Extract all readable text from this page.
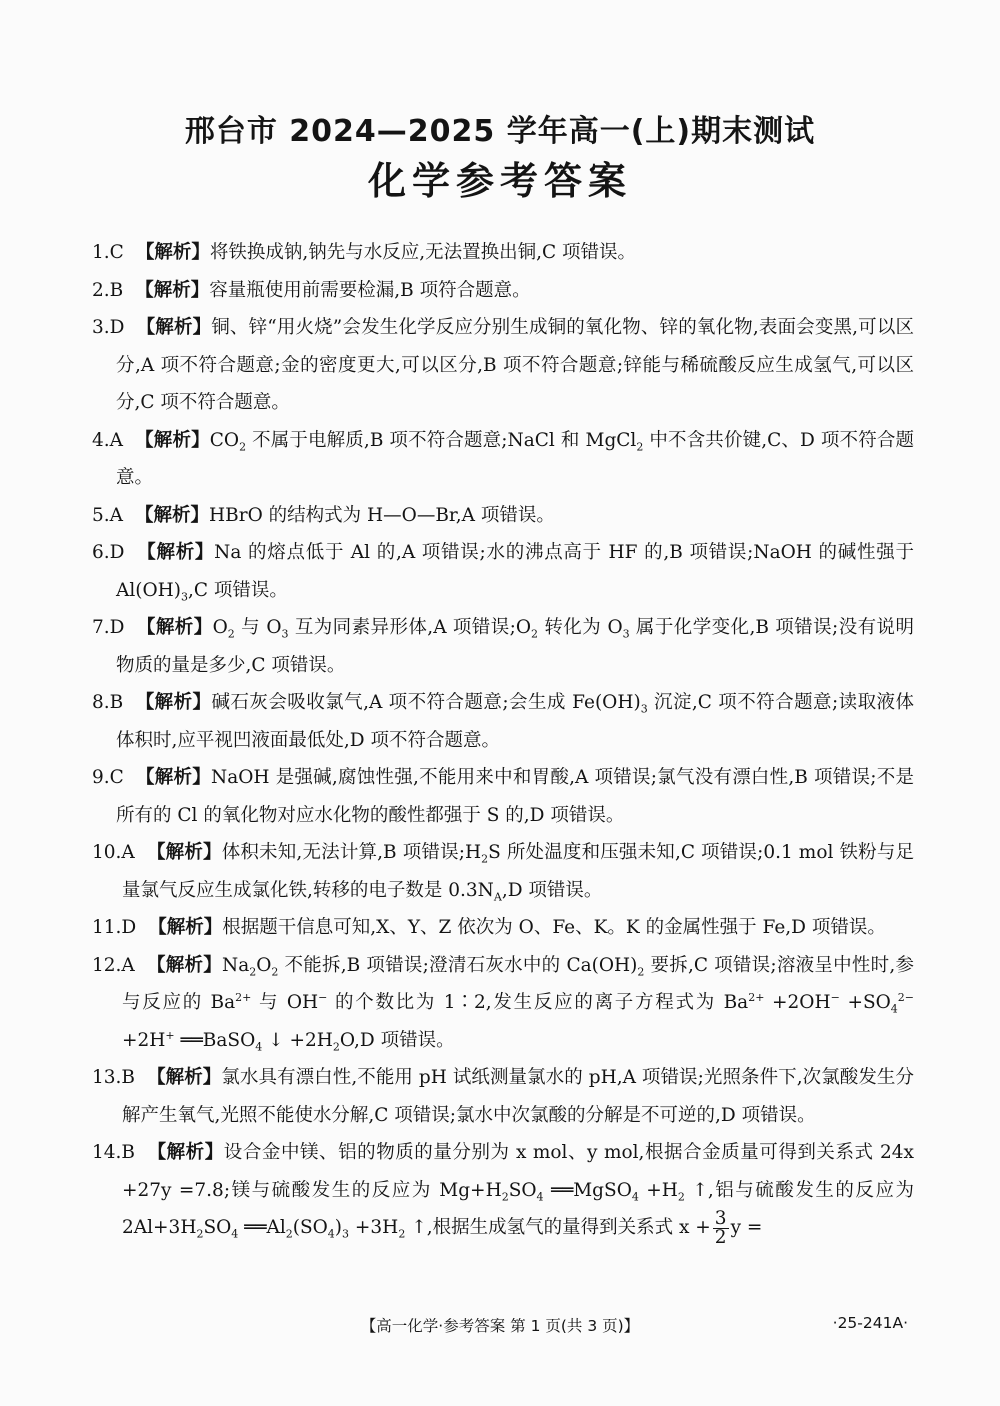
邢台市 2024—2025 学年高一(上)期末测试
化学参考答案
1.C 【解析】将铁换成钠,钠先与水反应,无法置换出铜,C 项错误。
2.B 【解析】容量瓶使用前需要检漏,B 项符合题意。
3.D 【解析】铜、锌“用火烧”会发生化学反应分别生成铜的氧化物、锌的氧化物,表面会变黑,可以区分,A 项不符合题意;金的密度更大,可以区分,B 项不符合题意;锌能与稀硫酸反应生成氢气,可以区分,C 项不符合题意。
4.A 【解析】$CO_2$ 不属于电解质,B 项不符合题意;NaCl 和 MgCl$_2$ 中不含共价键,C、D 项不符合题意。
5.A 【解析】HBrO 的结构式为 H—O—Br,A 项错误。
6.D 【解析】Na 的熔点低于 Al 的,A 项错误;水的沸点高于 HF 的,B 项错误;NaOH 的碱性强于 $Al(OH)_3,C$ 项错误。
7.D 【解析】$O_2$ 与 $O_3$ 互为同素异形体,A 项错误$;O_2$ 转化为 $O_3$ 属于化学变化,B 项错误;没有说明物质的量是多少,C 项错误。
8.B 【解析】碱石灰会吸收氯气,A 项不符合题意;会生成 $Fe(OH)_3$ 沉淀,C 项不符合题意;读取液体体积时,应平视凹液面最低处,D 项不符合题意。
9.C 【解析】NaOH 是强碱,腐蚀性强,不能用来中和胃酸,A 项错误;氯气没有漂白性,B 项错误;不是所有的 Cl 的氧化物对应水化物的酸性都强于 S 的,D 项错误。
10.A 【解析】体积未知,无法计算,B 项错误$;H_2S$ 所处温度和压强未知,C 项错误;0.1 mol 铁粉与足量氯气反应生成氯化铁,转移的电子数是 $0.3N_A,D$ 项错误。
11.D 【解析】根据题干信息可知,X、Y、Z 依次为 O、Fe、K。K 的金属性强于 Fe,D 项错误。
12.A 【解析】$Na_2O_2$ 不能拆,B 项错误;澄清石灰水中的 $Ca(OH)_2$ 要拆,C 项错误;溶液呈中性时,参与反应的 $Ba^{2+}$ 与 OH− 的个数比为 1∶2,发生反应的离子方程式为 $Ba^{2+} +2OH^- +SO_4^{2-} +2H^+$ ══BaSO$_4$ ↓ $+2H_2O,D$ 项错误。
13.B 【解析】氯水具有漂白性,不能用 pH 试纸测量氯水的 pH,A 项错误;光照条件下,次氯酸发生分解产生氧气,光照不能使水分解,C 项错误;氯水中次氯酸的分解是不可逆的,D 项错误。
14.B 【解析】设合金中镁、铝的物质的量分别为 x mol、y mol,根据合金质量可得到关系式 24x +27y =7.8;镁与硫酸发生的反应为 $Mg+H_2SO_4$ ══MgSO$_4$ $+H_2$ ↑,铝与硫酸发生的反应为 $2Al+3H_2SO_4$ $══Al_2(SO_4)_3 +3H_2$ ↑,根据生成氢气的量得到关系式 $x + \frac{3}{2}$ y =
【高一化学·参考答案 第 1 页(共 3 页)】	·25-241A·
